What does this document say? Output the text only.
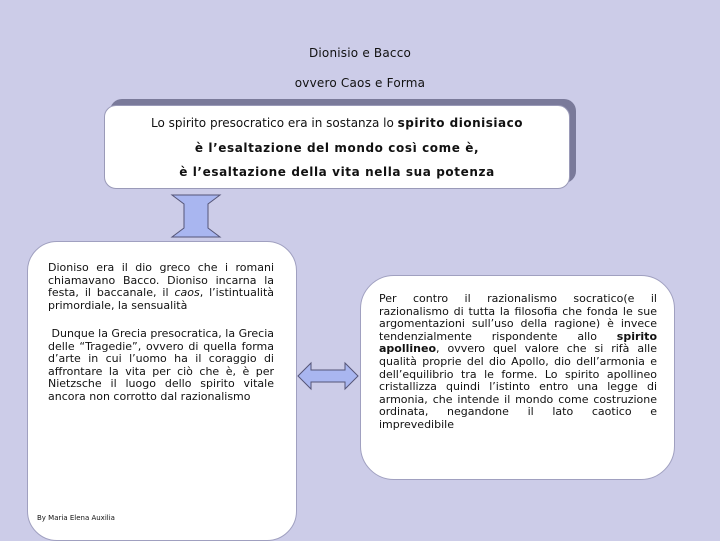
Dionisio e Bacco
ovvero Caos e Forma
Lo spirito presocratico era in sostanza lo spirito dionisiaco
è l’esaltazione del mondo così come è,
è l’esaltazione della vita nella sua potenza
Dioniso era il dio greco che i romani chiamavano Bacco. Dioniso incarna la festa, il baccanale, il caos, l’istintualità primordiale, la sensualità
Dunque la Grecia presocratica, la Grecia delle “Tragedie”, ovvero di quella forma d’arte in cui l’uomo ha il coraggio di affrontare la vita per ciò che è, è per Nietzsche il luogo dello spirito vitale ancora non corrotto dal razionalismo
By Maria Elena Auxilia
Per contro il razionalismo socratico(e il razionalismo di tutta la filosofia che fonda le sue argomentazioni sull’uso della ragione) è invece tendenzialmente rispondente allo spirito apollineo, ovvero quel valore che si rifà alle qualità proprie del dio Apollo, dio dell’armonia e dell’equilibrio tra le forme. Lo spirito apollineo cristallizza quindi l’istinto entro una legge di armonia, che intende il mondo come costruzione ordinata, negandone il lato caotico e imprevedibile
